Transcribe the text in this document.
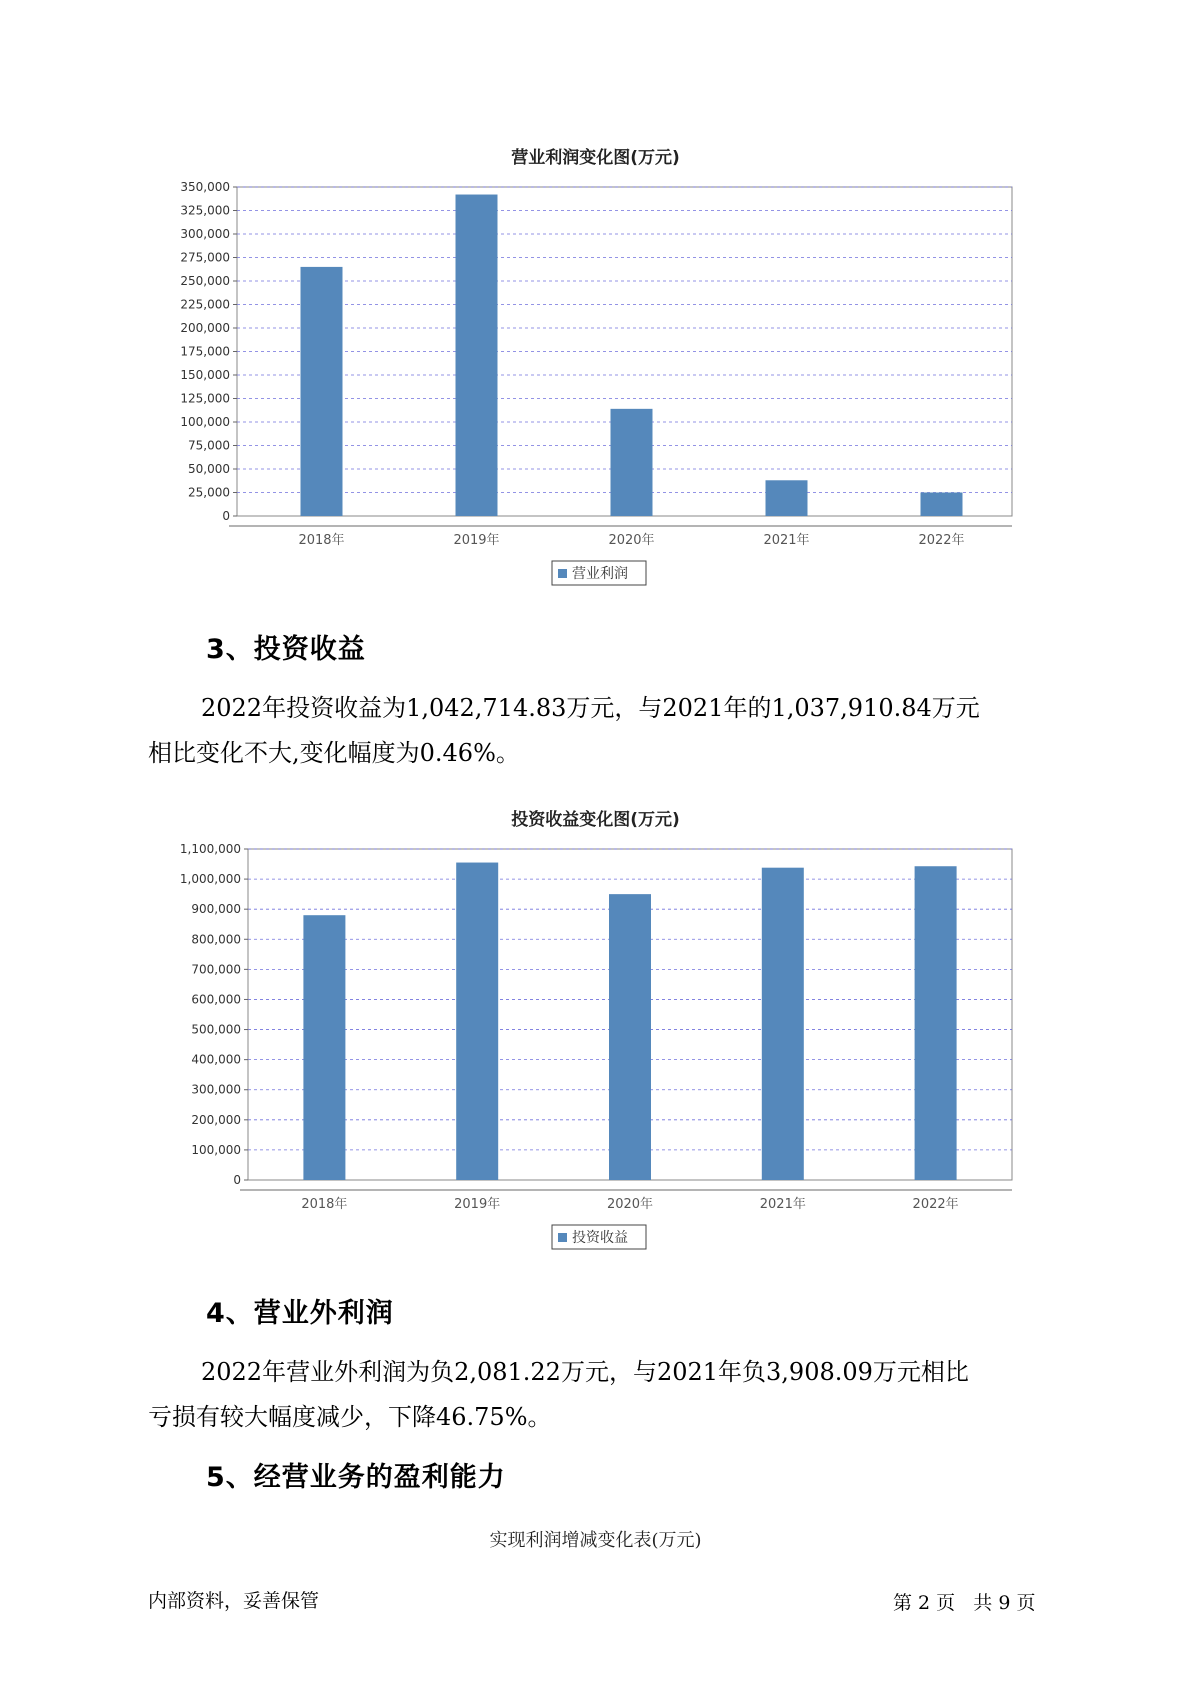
营业利润变化图(万元)
0
25,000
50,000
75,000
100,000
125,000
150,000
175,000
200,000
225,000
250,000
275,000
300,000
325,000
350,000
2018年	2019年	2020年	2021年	2022年
营业利润
3、投资收益

2022年投资收益为1,042,714.83万元，与2021年的1,037,910.84万元

相比变化不大,变化幅度为0.46%。

投资收益变化图(万元)
0
100,000
200,000
300,000
400,000
500,000
600,000
700,000
800,000
900,000
1,000,000
1,100,000
2018年	2019年	2020年	2021年	2022年
投资收益
4、营业外利润

2022年营业外利润为负2,081.22万元，与2021年负3,908.09万元相比

亏损有较大幅度减少，下降46.75%。

5、经营业务的盈利能力
实现利润增减变化表(万元)
内部资料，妥善保管	第 2 页   共 9 页
